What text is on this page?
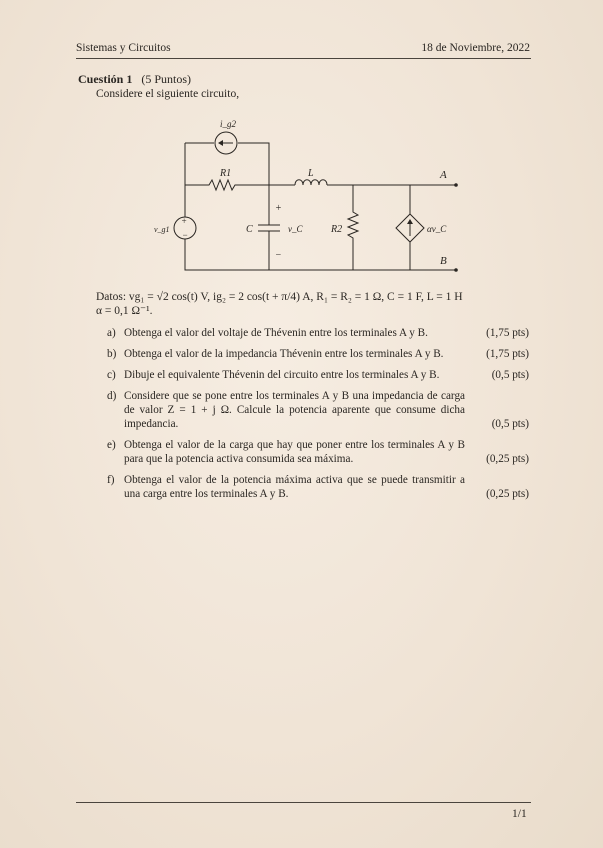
Sistemas y Circuitos	18 de Noviembre, 2022
Cuestión 1 (5 Puntos)
Considere el siguiente circuito,
+
−
i_g2
R1	L	A
B
v_g1	C	v_C
+
−
R2	αv_C
Datos: vg₁ = √2 cos(t) V, ig₂ = 2 cos(t + π/4) A, R₁ = R₂ = 1 Ω, C = 1 F, L = 1 H
α = 0,1 Ω⁻¹.
a) Obtenga el valor del voltaje de Thévenin entre los terminales A y B.	(1,75 pts)
b) Obtenga el valor de la impedancia Thévenin entre los terminales A y B.	(1,75 pts)
c) Dibuje el equivalente Thévenin del circuito entre los terminales A y B.	(0,5 pts)
d) Considere que se pone entre los terminales A y B una impedancia de carga de valor Z = 1 + j Ω. Calcule la potencia aparente que consume dicha impedancia.	(0,5 pts)
e) Obtenga el valor de la carga que hay que poner entre los terminales A y B para que la potencia activa consumida sea máxima.	(0,25 pts)
f) Obtenga el valor de la potencia máxima activa que se puede transmitir a una carga entre los terminales A y B.	(0,25 pts)
1/1
